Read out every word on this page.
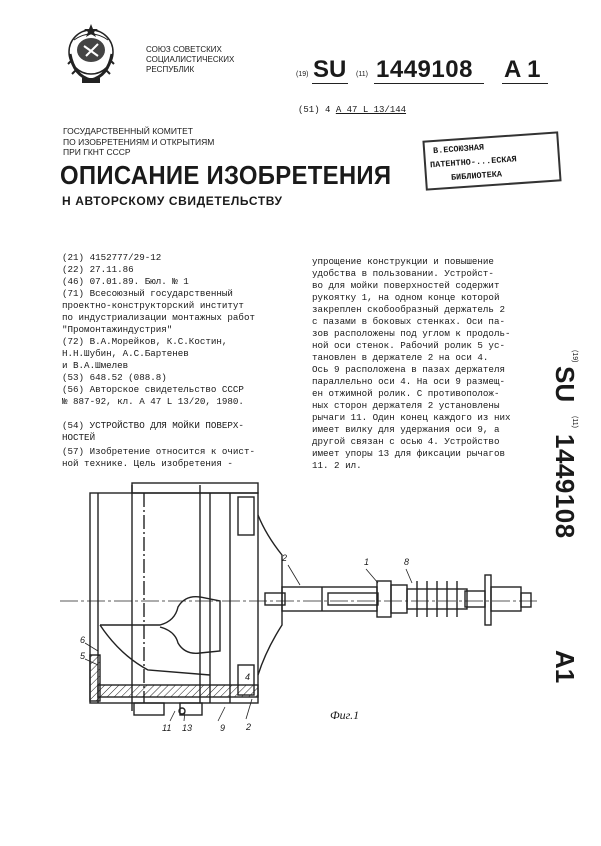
СОЮЗ СОВЕТСКИХ
СОЦИАЛИСТИЧЕСКИХ
РЕСПУБЛИК
(19) SU (11) 1449108 A 1
(51) 4 A 47 L 13/144
ГОСУДАРСТВЕННЫЙ КОМИТЕТ
ПО ИЗОБРЕТЕНИЯМ И ОТКРЫТИЯМ
ПРИ ГКНТ СССР	В.ЕСОЮЗНАЯ
ПАТЕНТНО-...ЕСКАЯ
БИБЛИОТЕКА
ОПИСАНИЕ ИЗОБРЕТЕНИЯ
Н АВТОРСКОМУ СВИДЕТЕЛЬСТВУ
(21) 4152777/29-12
(22) 27.11.86
(46) 07.01.89. Бюл. № 1
(71) Всесоюзный государственный
проектно-конструкторский институт
по индустриализации монтажных работ
"Промонтажиндустрия"
(72) В.А.Морейков, К.С.Костин,
Н.Н.Шубин, А.С.Бартенев
и В.А.Шмелев
(53) 648.52 (088.8)
(56) Авторское свидетельство СССР
№ 887-92, кл. А 47 L 13/20, 1980.
(54) УСТРОЙСТВО ДЛЯ МОЙКИ ПОВЕРХ-
НОСТЕЙ
(57) Изобретение относится к очист-
ной технике. Цель изобретения -
упрощение конструкции и повышение
удобства в пользовании. Устройст-
во для мойки поверхностей содержит
рукоятку 1, на одном конце которой
закреплен скобообразный держатель 2
с пазами в боковых стенках. Оси па-
зов расположены под углом к продоль-
ной оси стенок. Рабочий ролик 5 ус-
тановлен в держателе 2 на оси 4.
Ось 9 расположена в пазах держателя
параллельно оси 4. На оси 9 размещ-
ен отжимной ролик. С противополож-
ных сторон держателя 2 установлены
рычаги 11. Один конец каждого из них
имеет вилку для удержания оси 9, а
другой связан с осью 4. Устройство
имеет упоры 13 для фиксации рычагов
11. 2 ил.
(19)
SU
(11)
1449108
A1
2	1	8
6
5
4
11 13	9 2
Фиг.1
